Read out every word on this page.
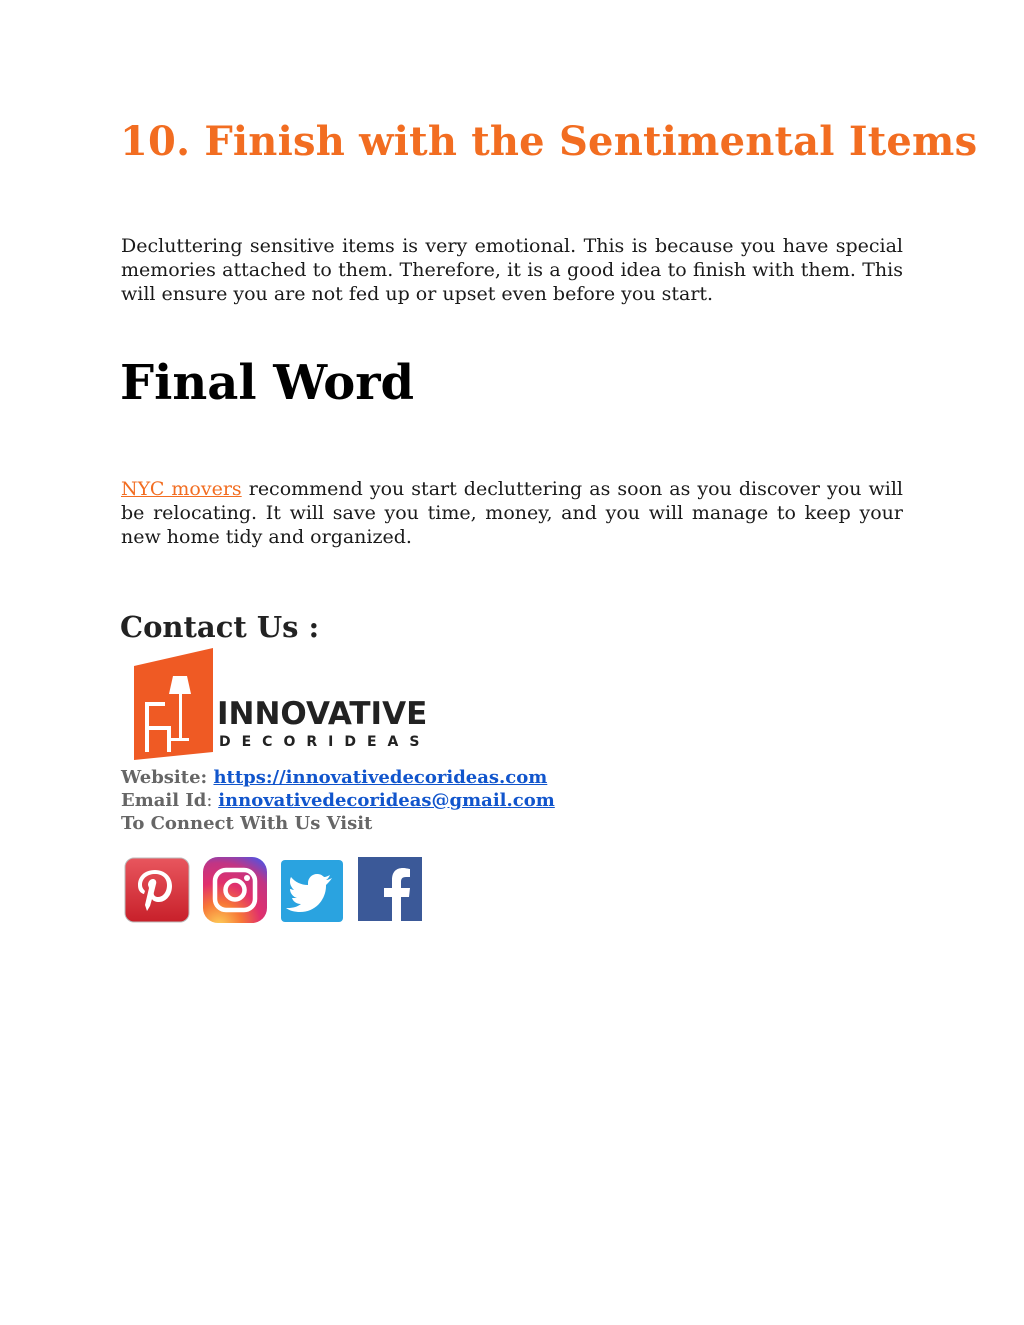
10. Finish with the Sentimental Items

Decluttering sensitive items is very emotional. This is because you have special memories attached to them. Therefore, it is a good idea to finish with them. This will ensure you are not fed up or upset even before you start.

Final Word

NYC movers recommend you start decluttering as soon as you discover you will be relocating. It will save you time, money, and you will manage to keep your new home tidy and organized.

Contact Us :
INNOVATIVE
DECORIDEAS
Website: https://innovativedecorideas.com
Email Id: innovativedecorideas@gmail.com
To Connect With Us Visit
